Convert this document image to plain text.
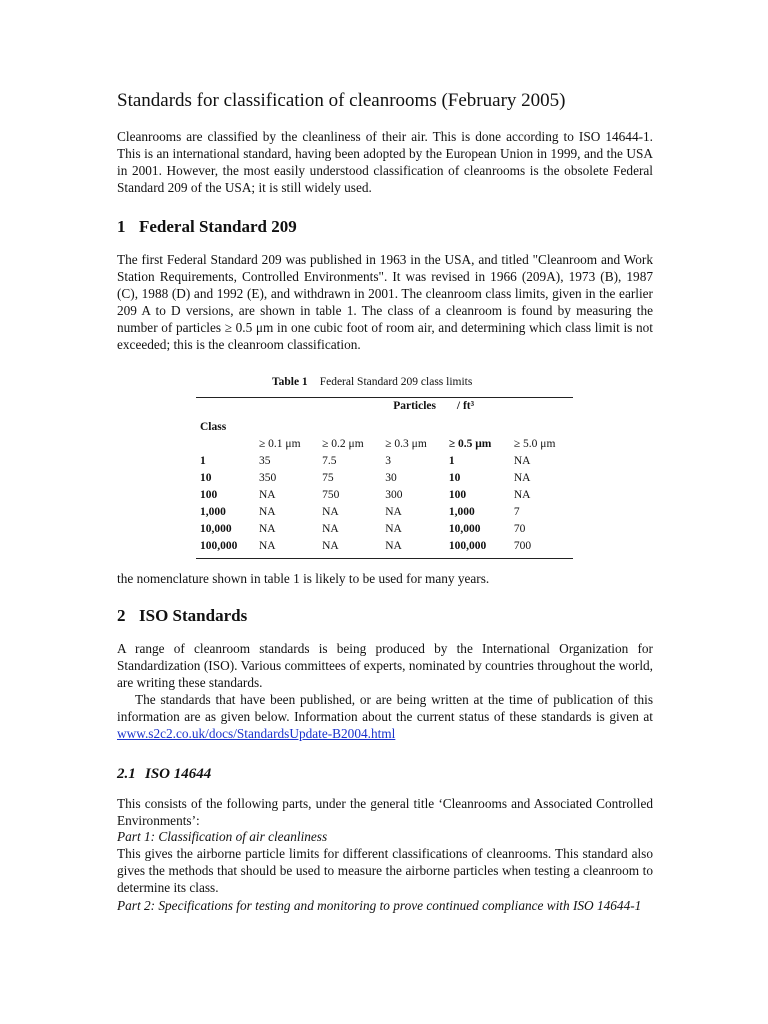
Standards for classification of cleanrooms (February 2005)

Cleanrooms are classified by the cleanliness of their air. This is done according to ISO 14644-1. This is an international standard, having been adopted by the European Union in 1999, and the USA in 2001. However, the most easily understood classification of cleanrooms is the obsolete Federal Standard 209 of the USA; it is still widely used.

1 Federal Standard 209

The first Federal Standard 209 was published in 1963 in the USA, and titled "Cleanroom and Work Station Requirements, Controlled Environments". It was revised in 1966 (209A), 1973 (B), 1987 (C), 1988 (D) and 1992 (E), and withdrawn in 2001. The cleanroom class limits, given in the earlier 209 A to D versions, are shown in table 1. The class of a cleanroom is found by measuring the number of particles ≥ 0.5 μm in one cubic foot of room air, and determining which class limit is not exceeded; this is the cleanroom classification.

Table 1 Federal Standard 209 class limits
			Particles / ft³		
Class					
	≥ 0.1 μm	≥ 0.2 μm	≥ 0.3 μm	≥ 0.5 μm	≥ 5.0 μm
1	35	7.5	3	1	NA
10	350	75	30	10	NA
100	NA	750	300	100	NA
1,000	NA	NA	NA	1,000	7
10,000	NA	NA	NA	10,000	70
100,000	NA	NA	NA	100,000	700

the nomenclature shown in table 1 is likely to be used for many years.

2 ISO Standards

A range of cleanroom standards is being produced by the International Organization for Standardization (ISO). Various committees of experts, nominated by countries throughout the world, are writing these standards.

The standards that have been published, or are being written at the time of publication of this information are as given below. Information about the current status of these standards is given at www.s2c2.co.uk/docs/StandardsUpdate-B2004.html

2.1 ISO 14644

This consists of the following parts, under the general title ‘Cleanrooms and Associated Controlled Environments’:

Part 1: Classification of air cleanliness

This gives the airborne particle limits for different classifications of cleanrooms. This standard also gives the methods that should be used to measure the airborne particles when testing a cleanroom to determine its class.

Part 2: Specifications for testing and monitoring to prove continued compliance with ISO 14644-1
